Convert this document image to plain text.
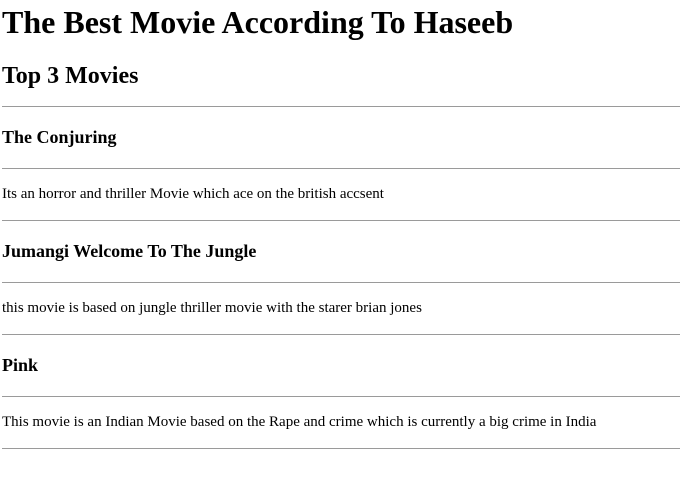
The Best Movie According To Haseeb
Top 3 Movies

The Conjuring

Its an horror and thriller Movie which ace on the british accsent

Jumangi Welcome To The Jungle

this movie is based on jungle thriller movie with the starer brian jones

Pink

This movie is an Indian Movie based on the Rape and crime which is currently a big crime in India
